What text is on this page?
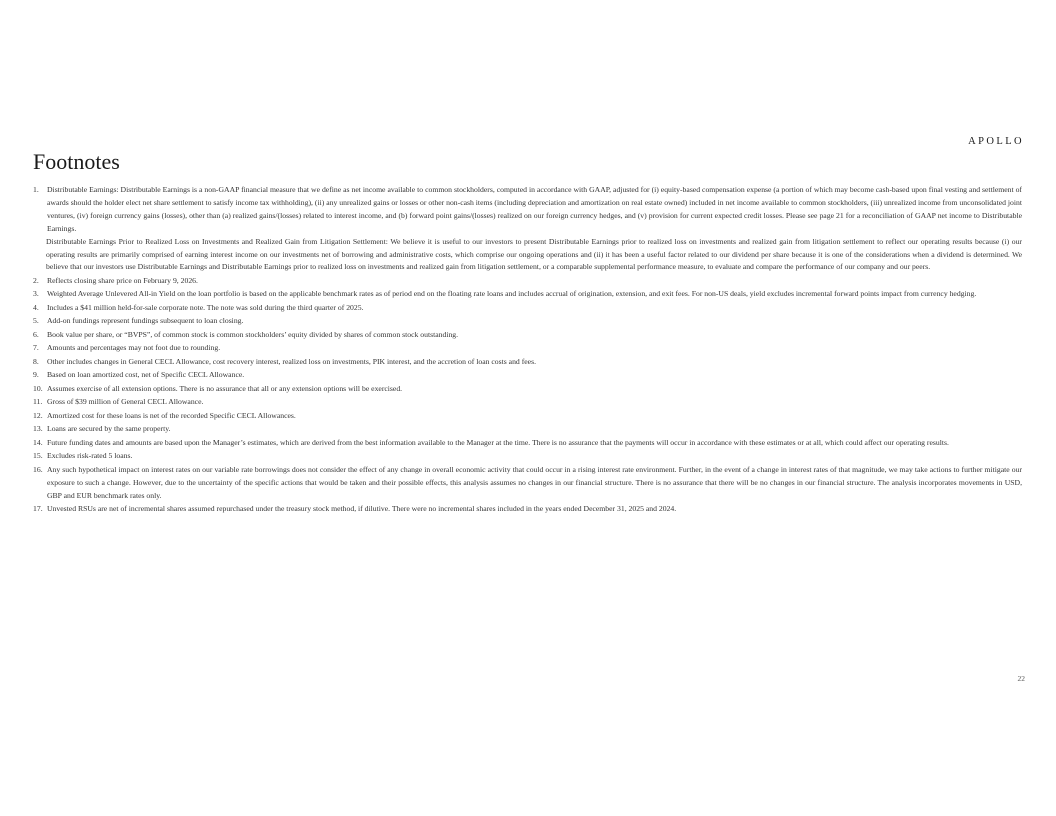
APOLLO
Footnotes
1. Distributable Earnings: Distributable Earnings is a non-GAAP financial measure that we define as net income available to common stockholders, computed in accordance with GAAP, adjusted for (i) equity-based compensation expense (a portion of which may become cash-based upon final vesting and settlement of awards should the holder elect net share settlement to satisfy income tax withholding), (ii) any unrealized gains or losses or other non-cash items (including depreciation and amortization on real estate owned) included in net income available to common stockholders, (iii) unrealized income from unconsolidated joint ventures, (iv) foreign currency gains (losses), other than (a) realized gains/(losses) related to interest income, and (b) forward point gains/(losses) realized on our foreign currency hedges, and (v) provision for current expected credit losses. Please see page 21 for a reconciliation of GAAP net income to Distributable Earnings.
Distributable Earnings Prior to Realized Loss on Investments and Realized Gain from Litigation Settlement: We believe it is useful to our investors to present Distributable Earnings prior to realized loss on investments and realized gain from litigation settlement to reflect our operating results because (i) our operating results are primarily comprised of earning interest income on our investments net of borrowing and administrative costs, which comprise our ongoing operations and (ii) it has been a useful factor related to our dividend per share because it is one of the considerations when a dividend is determined. We believe that our investors use Distributable Earnings and Distributable Earnings prior to realized loss on investments and realized gain from litigation settlement, or a comparable supplemental performance measure, to evaluate and compare the performance of our company and our peers.
2. Reflects closing share price on February 9, 2026.
3. Weighted Average Unlevered All-in Yield on the loan portfolio is based on the applicable benchmark rates as of period end on the floating rate loans and includes accrual of origination, extension, and exit fees. For non-US deals, yield excludes incremental forward points impact from currency hedging.
4. Includes a $41 million held-for-sale corporate note. The note was sold during the third quarter of 2025.
5. Add-on fundings represent fundings subsequent to loan closing.
6. Book value per share, or “BVPS”, of common stock is common stockholders’ equity divided by shares of common stock outstanding.
7. Amounts and percentages may not foot due to rounding.
8. Other includes changes in General CECL Allowance, cost recovery interest, realized loss on investments, PIK interest, and the accretion of loan costs and fees.
9. Based on loan amortized cost, net of Specific CECL Allowance.
10. Assumes exercise of all extension options. There is no assurance that all or any extension options will be exercised.
11. Gross of $39 million of General CECL Allowance.
12. Amortized cost for these loans is net of the recorded Specific CECL Allowances.
13. Loans are secured by the same property.
14. Future funding dates and amounts are based upon the Manager’s estimates, which are derived from the best information available to the Manager at the time. There is no assurance that the payments will occur in accordance with these estimates or at all, which could affect our operating results.
15. Excludes risk-rated 5 loans.
16. Any such hypothetical impact on interest rates on our variable rate borrowings does not consider the effect of any change in overall economic activity that could occur in a rising interest rate environment. Further, in the event of a change in interest rates of that magnitude, we may take actions to further mitigate our exposure to such a change. However, due to the uncertainty of the specific actions that would be taken and their possible effects, this analysis assumes no changes in our financial structure. There is no assurance that there will be no changes in our financial structure. The analysis incorporates movements in USD, GBP and EUR benchmark rates only.
17. Unvested RSUs are net of incremental shares assumed repurchased under the treasury stock method, if dilutive. There were no incremental shares included in the years ended December 31, 2025 and 2024.
22
